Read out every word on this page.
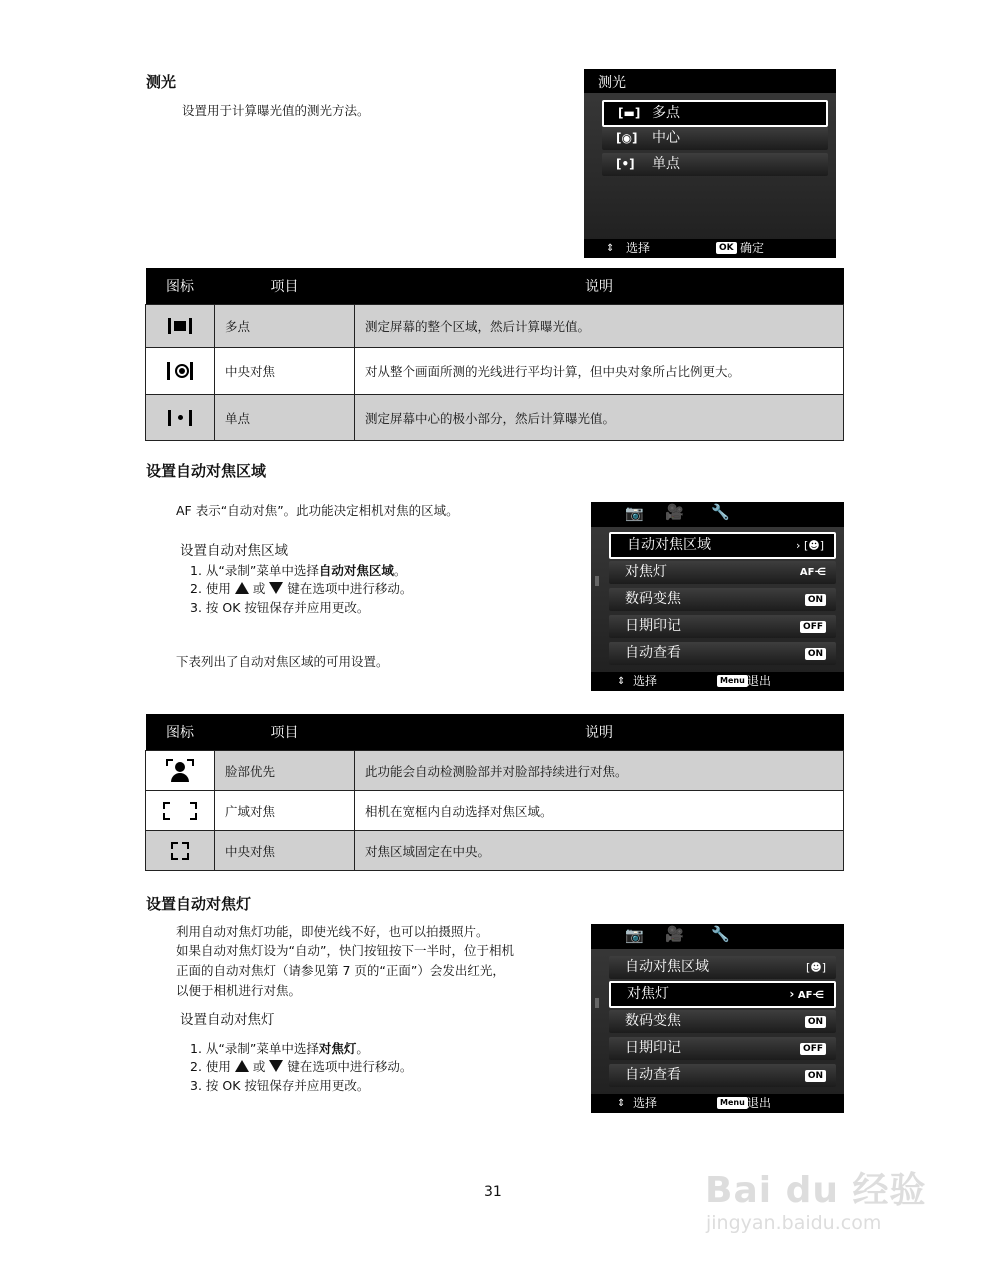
测光

设置用于计算曝光值的测光方法。

测光
[▬] 多点
[◉] 中心
[•] 单点
⇕ 选择	OK 确定
图标	项目	说明

	多点	测定屏幕的整个区域，然后计算曝光值。

	中央对焦	对从整个画面所测的光线进行平均计算，但中央对象所占比例更大。

	单点	测定屏幕中心的极小部分，然后计算曝光值。
设置自动对焦区域

AF 表示“自动对焦”。此功能决定相机对焦的区域。

设置自动对焦区域

1. 从“录制”菜单中选择自动对焦区域。

2. 使用 或 键在选项中进行移动。

3. 按 OK 按钮保存并应用更改。

下表列出了自动对焦区域的可用设置。

📷 🎥 🔧
自动对焦区域	› [☻]
对焦灯	AF⋲
数码变焦	ON
日期印记	OFF
自动查看	ON
⇕ 选择	Menu 退出
图标	项目	说明

	脸部优先	此功能会自动检测脸部并对脸部持续进行对焦。

	广域对焦	相机在宽框内自动选择对焦区域。

	中央对焦	对焦区域固定在中央。
设置自动对焦灯

利用自动对焦灯功能，即使光线不好，也可以拍摄照片。

如果自动对焦灯设为“自动”，快门按钮按下一半时，位于相机

正面的自动对焦灯（请参见第 7 页的“正面”）会发出红光，

以便于相机进行对焦。

设置自动对焦灯

1. 从“录制”菜单中选择对焦灯。

2. 使用 或 键在选项中进行移动。

3. 按 OK 按钮保存并应用更改。

📷 🎥 🔧
自动对焦区域	[☻]
对焦灯	› AF⋲
数码变焦	ON
日期印记	OFF
自动查看	ON
⇕ 选择	Menu 退出
31	Bai du 经验
jingyan.baidu.com
